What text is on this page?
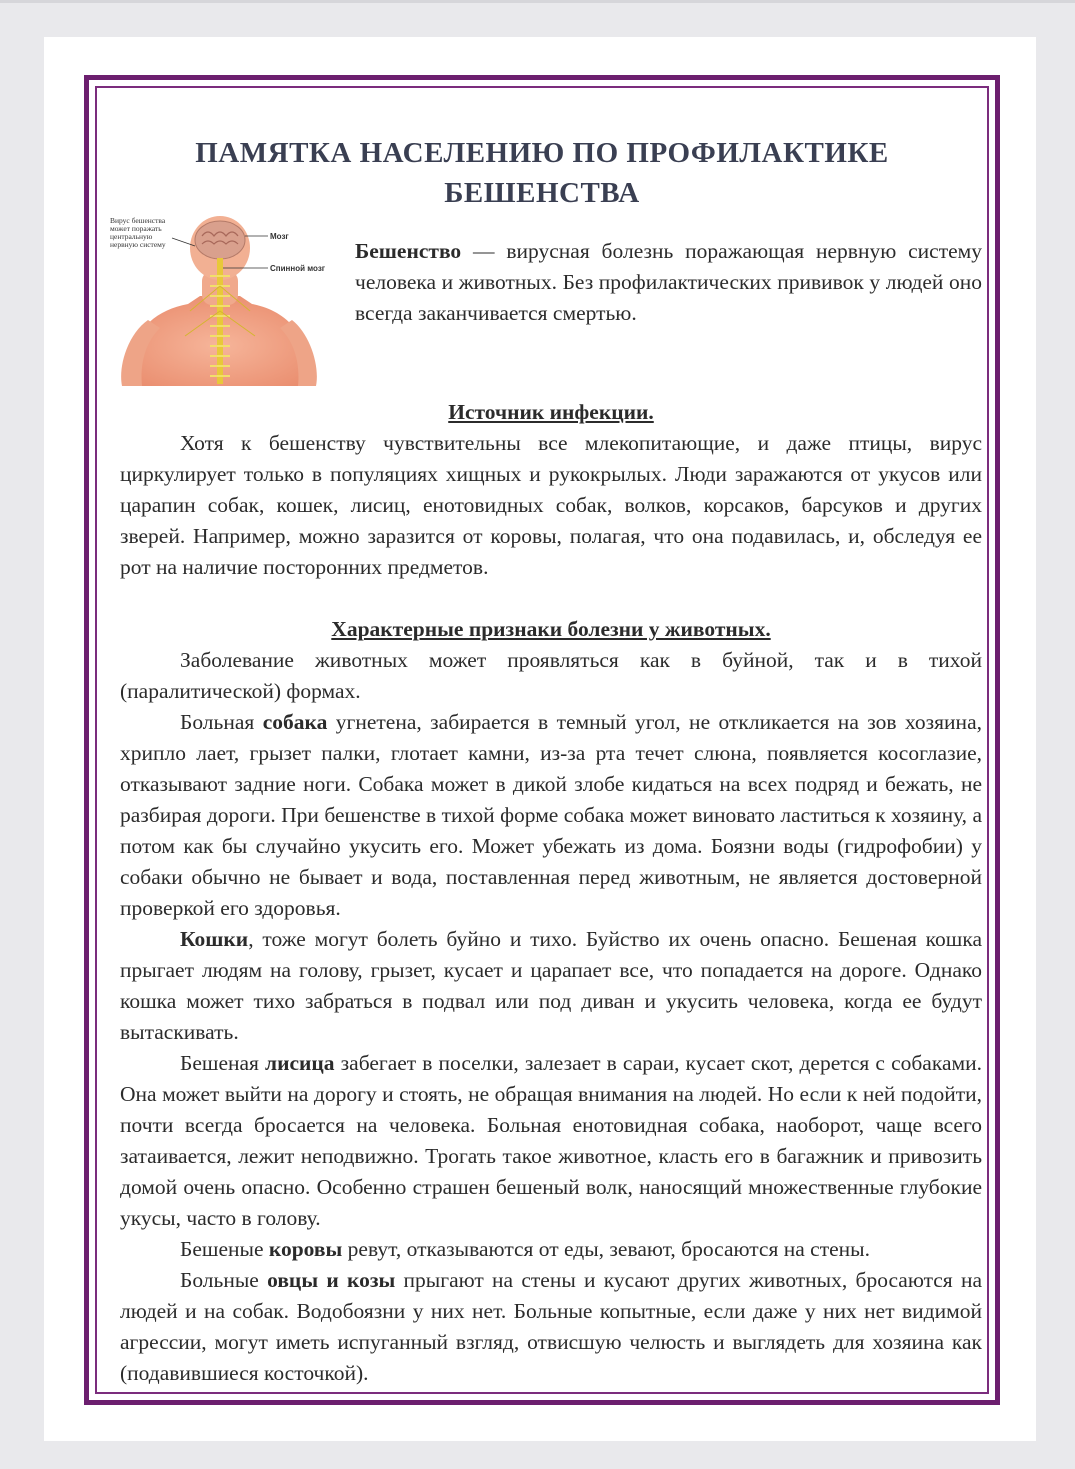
ПАМЯТКА НАСЕЛЕНИЮ ПО ПРОФИЛАКТИКЕ
БЕШЕНСТВА
Вирус бешенства
может поражать
центральную
нервную систему
Мозг
Спинной мозг
Бешенство — вирусная болезнь поражающая нервную систему человека и животных. Без профилактических прививок у людей оно всегда заканчивается смертью.

Источник инфекции.

Хотя к бешенству чувствительны все млекопитающие, и даже птицы, вирус циркулирует только в популяциях хищных и рукокрылых. Люди заражаются от укусов или царапин собак, кошек, лисиц, енотовидных собак, волков, корсаков, барсуков и других зверей. Например, можно заразится от коровы, полагая, что она подавилась, и, обследуя ее рот на наличие посторонних предметов.

Характерные признаки болезни у животных.

Заболевание животных может проявляться как в буйной, так и в тихой (паралитической) формах.

Больная собака угнетена, забирается в темный угол, не откликается на зов хозяина, хрипло лает, грызет палки, глотает камни, из-за рта течет слюна, появляется косоглазие, отказывают задние ноги. Собака может в дикой злобе кидаться на всех подряд и бежать, не разбирая дороги. При бешенстве в тихой форме собака может виновато ластиться к хозяину, а потом как бы случайно укусить его. Может убежать из дома. Боязни воды (гидрофобии) у собаки обычно не бывает и вода, поставленная перед животным, не является достоверной проверкой его здоровья.

Кошки, тоже могут болеть буйно и тихо. Буйство их очень опасно. Бешеная кошка прыгает людям на голову, грызет, кусает и царапает все, что попадается на дороге. Однако кошка может тихо забраться в подвал или под диван и укусить человека, когда ее будут вытаскивать.

Бешеная лисица забегает в поселки, залезает в сараи, кусает скот, дерется с собаками. Она может выйти на дорогу и стоять, не обращая внимания на людей. Но если к ней подойти, почти всегда бросается на человека. Больная енотовидная собака, наоборот, чаще всего затаивается, лежит неподвижно. Трогать такое животное, класть его в багажник и привозить домой очень опасно. Особенно страшен бешеный волк, наносящий множественные глубокие укусы, часто в голову.

Бешеные коровы ревут, отказываются от еды, зевают, бросаются на стены.

Больные овцы и козы прыгают на стены и кусают других животных, бросаются на людей и на собак. Водобоязни у них нет. Больные копытные, если даже у них нет видимой агрессии, могут иметь испуганный взгляд, отвисшую челюсть и выглядеть для хозяина как (подавившиеся косточкой).
